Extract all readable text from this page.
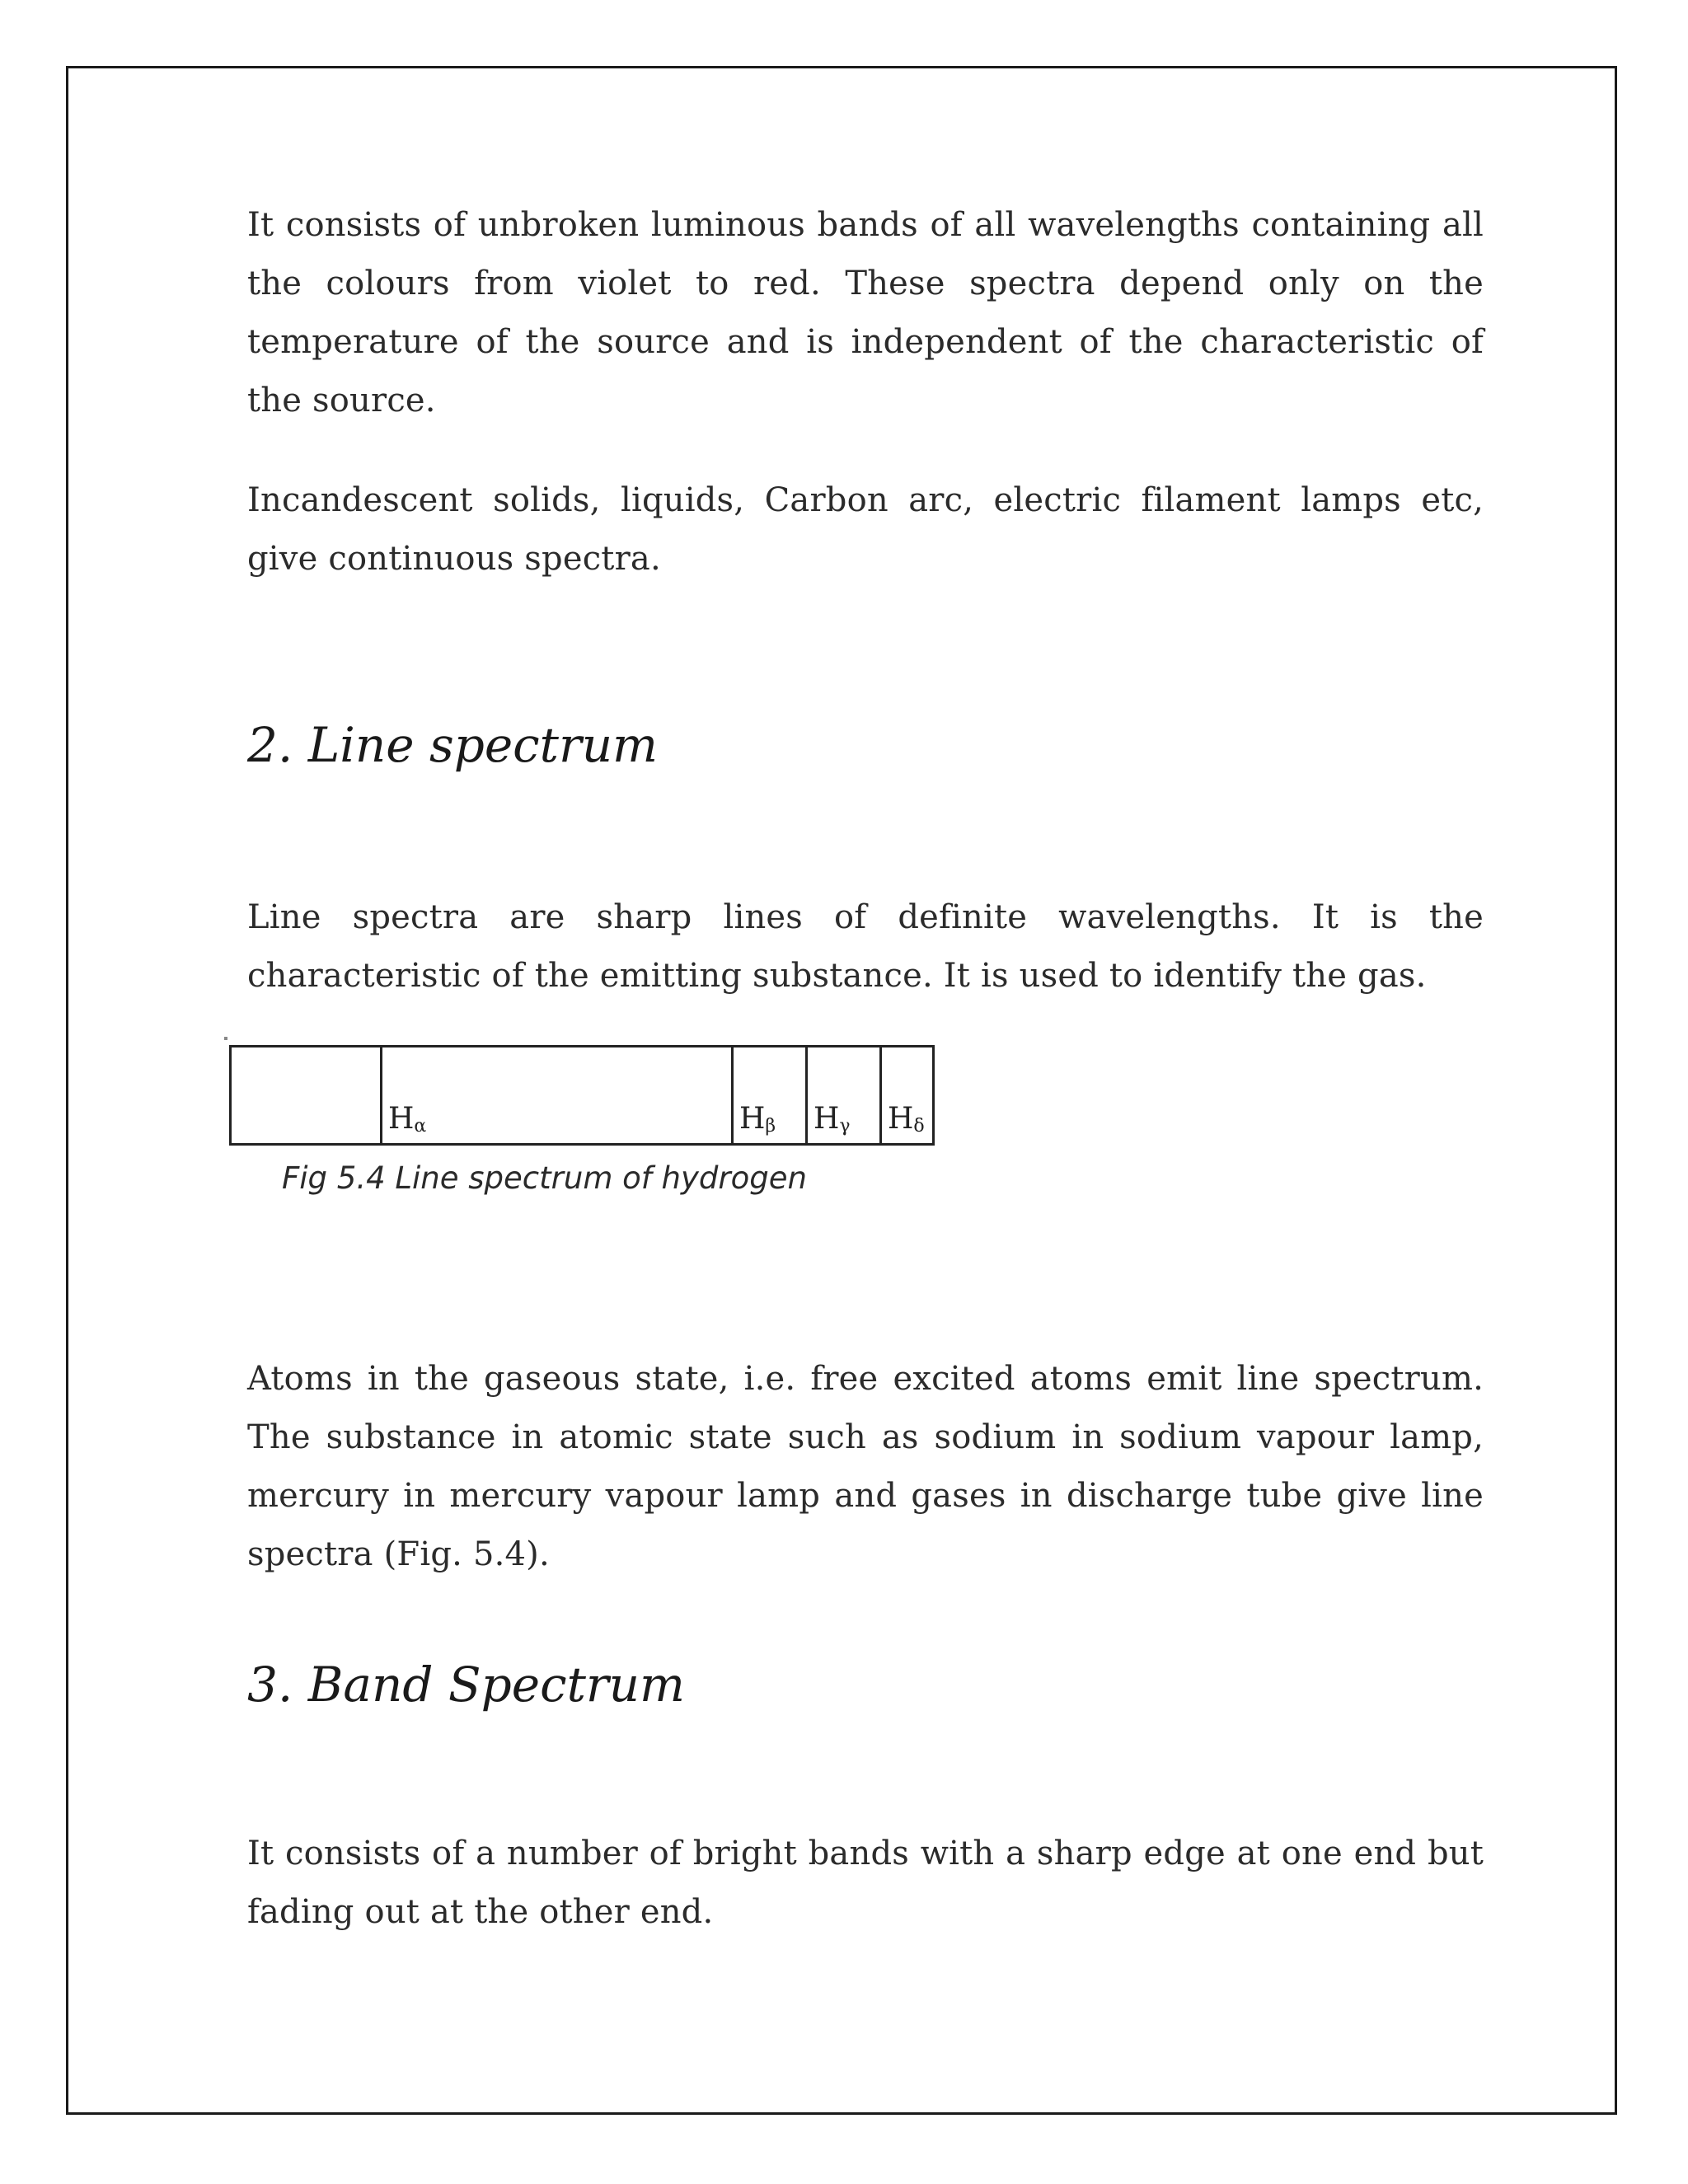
It consists of unbroken luminous bands of all wavelengths containing all the colours from violet to red. These spectra depend only on the temperature of the source and is independent of the characteristic of the source.

Incandescent solids, liquids, Carbon arc, electric filament lamps etc, give continuous spectra.

2. Line spectrum

Line spectra are sharp lines of definite wavelengths. It is the characteristic of the emitting substance. It is used to identify the gas.

$H_\alpha$	$H_\beta$ $H_\gamma$ $H_\delta$

Fig 5.4 Line spectrum of hydrogen

Atoms in the gaseous state, i.e. free excited atoms emit line spectrum. The substance in atomic state such as sodium in sodium vapour lamp, mercury in mercury vapour lamp and gases in discharge tube give line spectra (Fig. 5.4).

3. Band Spectrum

It consists of a number of bright bands with a sharp edge at one end but fading out at the other end.
